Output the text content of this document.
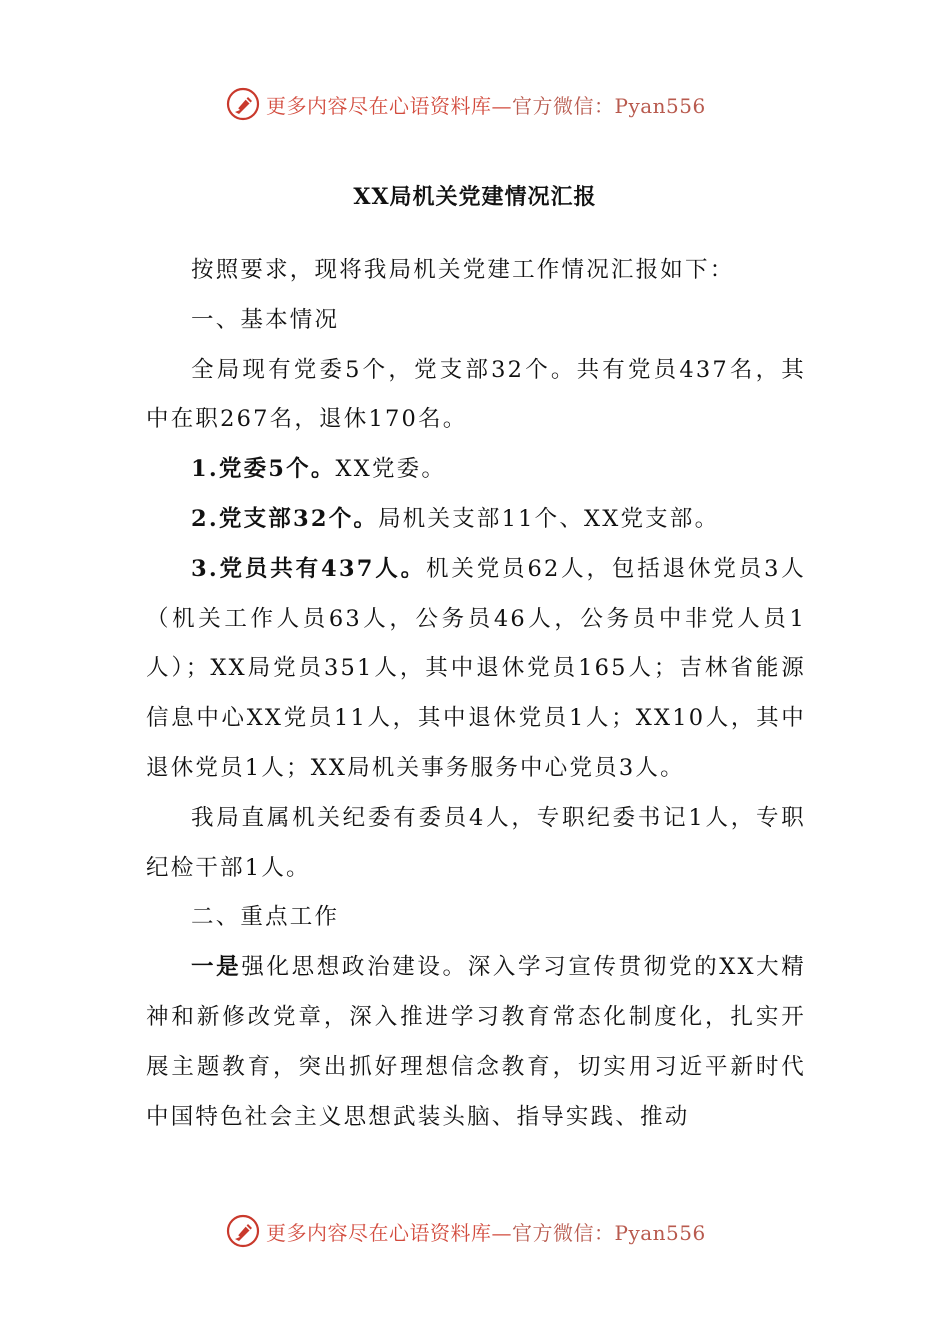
更多内容尽在心语资料库—官方微信：Pyan556
XX局机关党建情况汇报

按照要求，现将我局机关党建工作情况汇报如下：

一、基本情况

全局现有党委5个，党支部32个。共有党员437名，其中在职267名，退休170名。

1.党委5个。XX党委。

2.党支部32个。局机关支部11个、XX党支部。

3.党员共有437人。机关党员62人，包括退休党员3人（机关工作人员63人，公务员46人，公务员中非党人员1人）；XX局党员351人，其中退休党员165人；吉林省能源信息中心XX党员11人，其中退休党员1人；XX10人，其中退休党员1人；XX局机关事务服务中心党员3人。

我局直属机关纪委有委员4人，专职纪委书记1人，专职纪检干部1人。

二、重点工作

一是强化思想政治建设。深入学习宣传贯彻党的XX大精神和新修改党章，深入推进学习教育常态化制度化，扎实开展主题教育，突出抓好理想信念教育，切实用习近平新时代中国特色社会主义思想武装头脑、指导实践、推动

更多内容尽在心语资料库—官方微信：Pyan556
